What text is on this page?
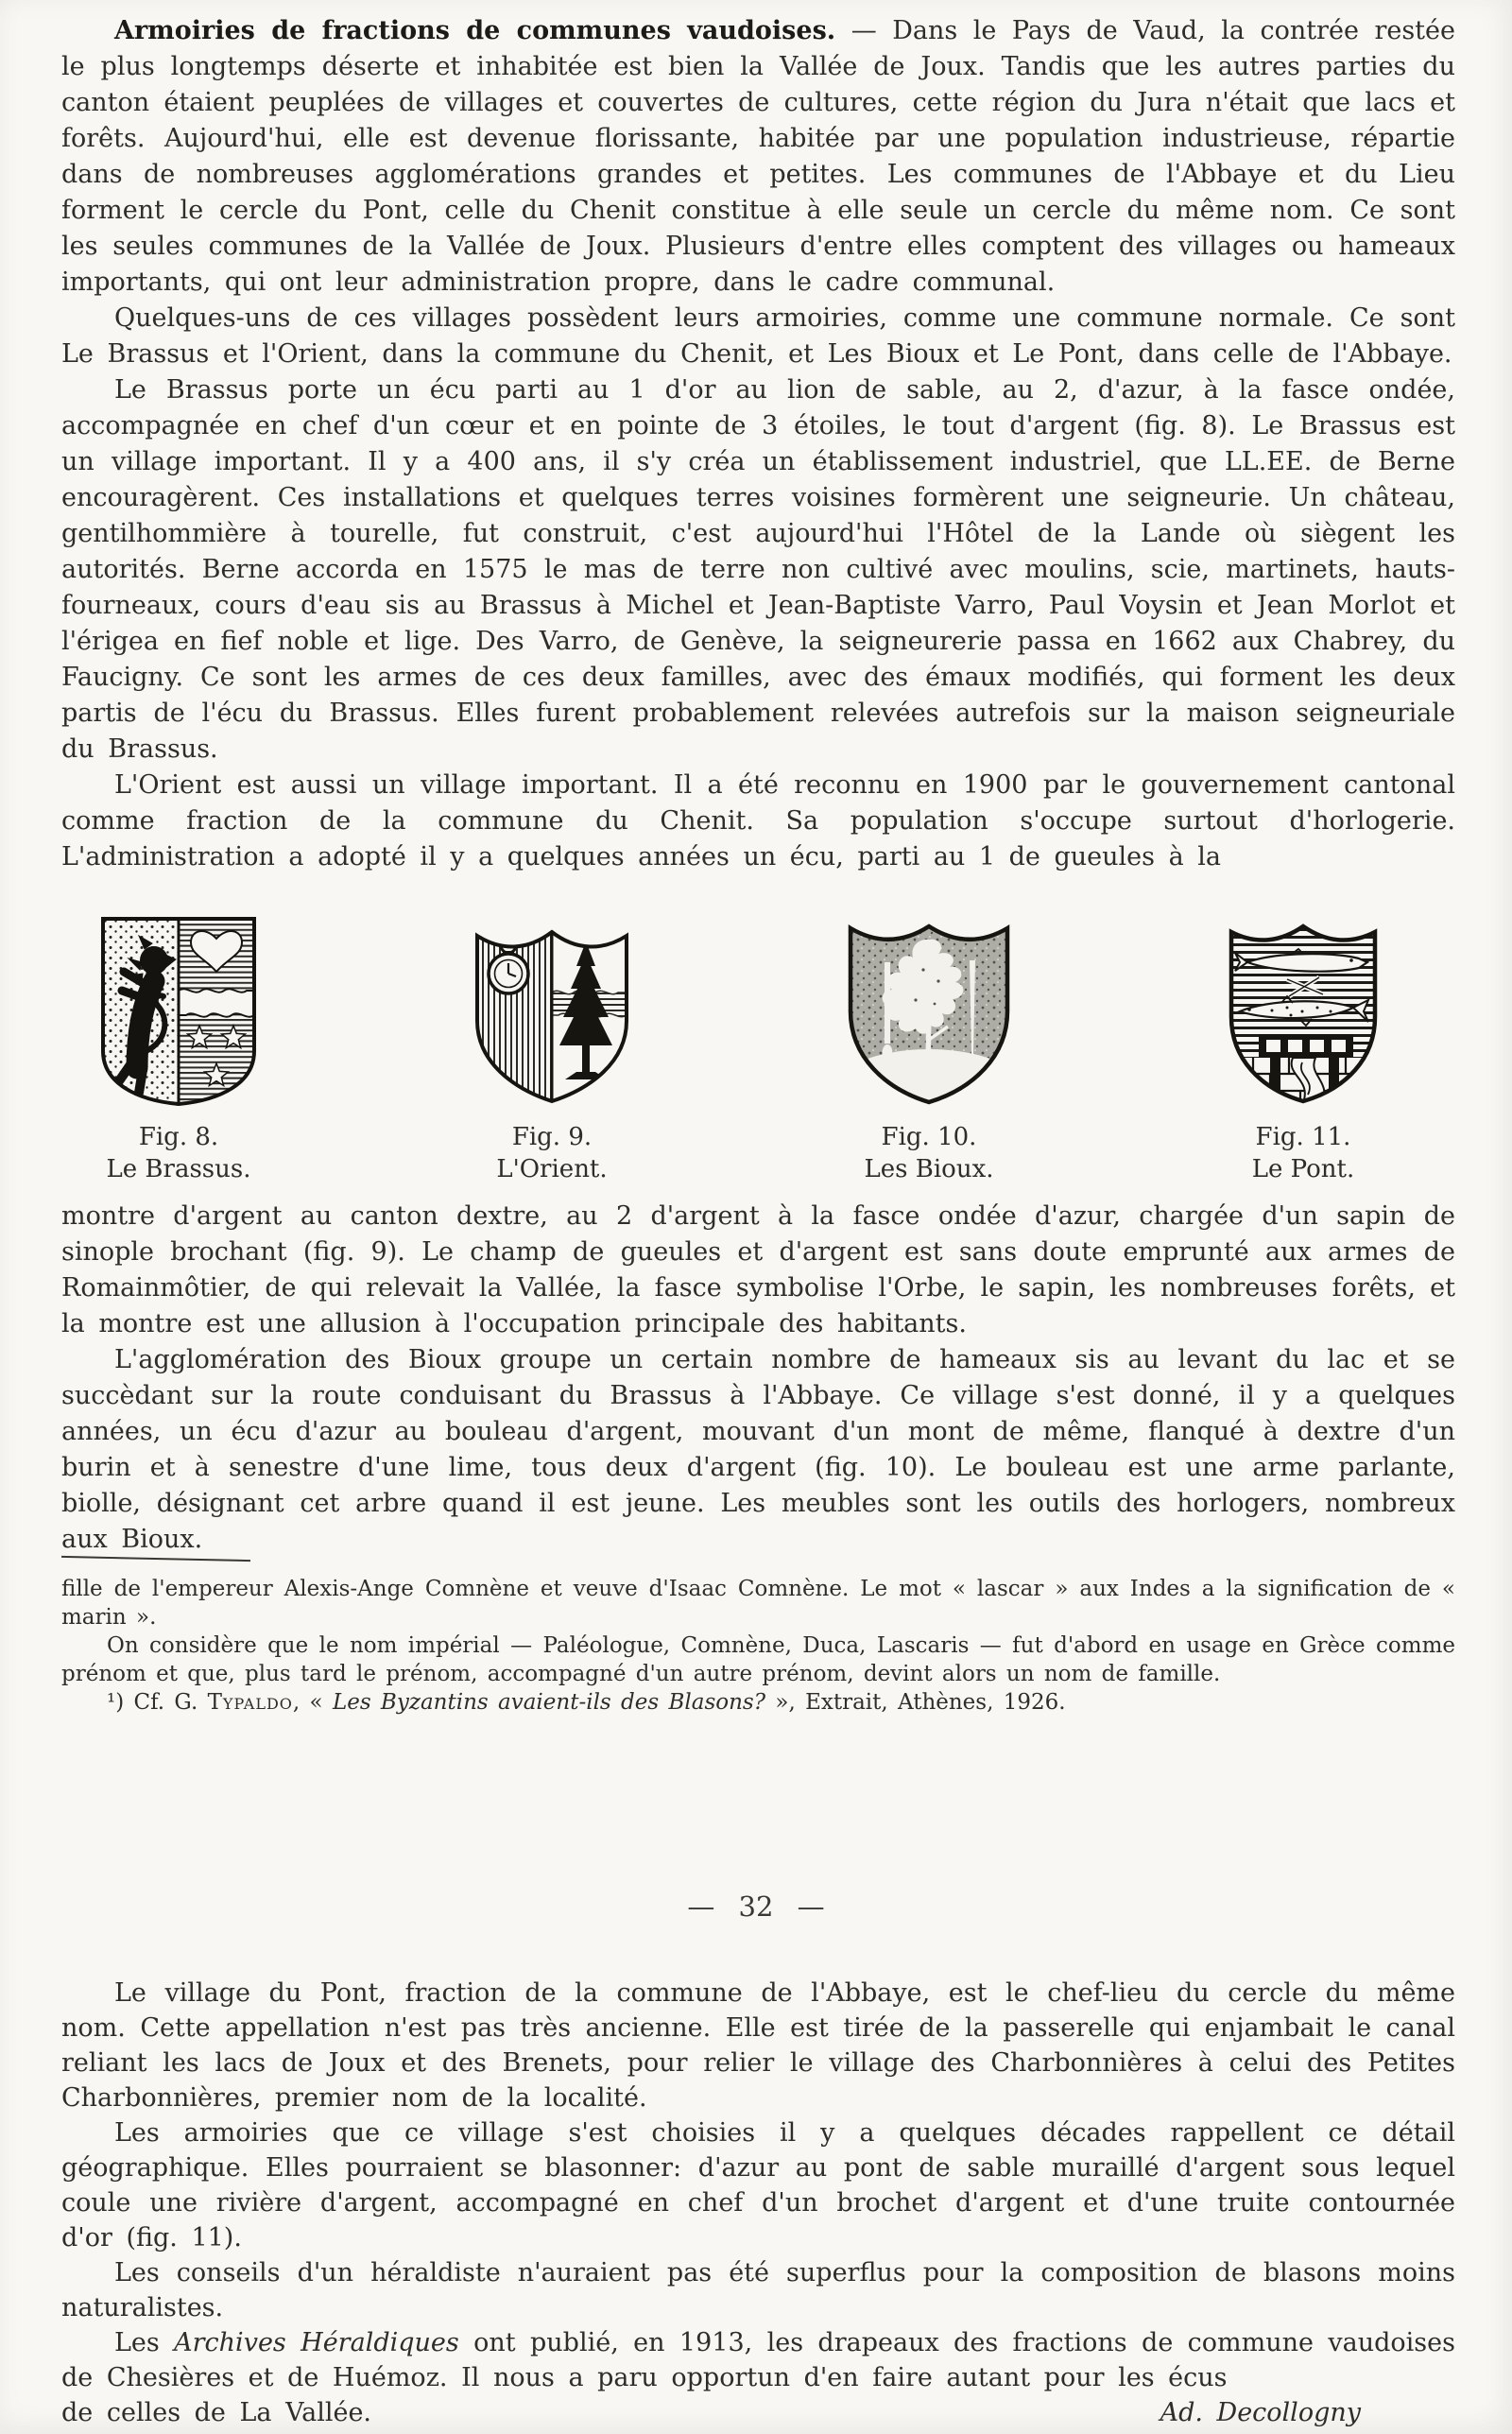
Armoiries de fractions de communes vaudoises. — Dans le Pays de Vaud, la contrée restée le plus longtemps déserte et inhabitée est bien la Vallée de Joux. Tandis que les autres parties du canton étaient peuplées de villages et couvertes de cultures, cette région du Jura n'était que lacs et forêts. Aujourd'hui, elle est devenue florissante, habitée par une population industrieuse, répartie dans de nombreuses agglomérations grandes et petites. Les communes de l'Abbaye et du Lieu forment le cercle du Pont, celle du Chenit constitue à elle seule un cercle du même nom. Ce sont les seules communes de la Vallée de Joux. Plusieurs d'entre elles comptent des villages ou hameaux importants, qui ont leur administration propre, dans le cadre communal.

Quelques-uns de ces villages possèdent leurs armoiries, comme une commune normale. Ce sont Le Brassus et l'Orient, dans la commune du Chenit, et Les Bioux et Le Pont, dans celle de l'Abbaye.

Le Brassus porte un écu parti au 1 d'or au lion de sable, au 2, d'azur, à la fasce ondée, accompagnée en chef d'un cœur et en pointe de 3 étoiles, le tout d'argent (fig. 8). Le Brassus est un village important. Il y a 400 ans, il s'y créa un établissement industriel, que LL.EE. de Berne encouragèrent. Ces installations et quelques terres voisines formèrent une seigneurie. Un château, gentilhommière à tourelle, fut construit, c'est aujourd'hui l'Hôtel de la Lande où siègent les autorités. Berne accorda en 1575 le mas de terre non cultivé avec moulins, scie, martinets, hauts-fourneaux, cours d'eau sis au Brassus à Michel et Jean-Baptiste Varro, Paul Voysin et Jean Morlot et l'érigea en fief noble et lige. Des Varro, de Genève, la seigneurerie passa en 1662 aux Chabrey, du Faucigny. Ce sont les armes de ces deux familles, avec des émaux modifiés, qui forment les deux partis de l'écu du Brassus. Elles furent probablement relevées autrefois sur la maison seigneuriale du Brassus.

L'Orient est aussi un village important. Il a été reconnu en 1900 par le gouvernement cantonal comme fraction de la commune du Chenit. Sa population s'occupe surtout d'horlogerie. L'administration a adopté il y a quelques années un écu, parti au 1 de gueules à la

Fig. 8.
Le Brassus.
Fig. 9.
L'Orient.
Fig. 10.
Les Bioux.
Fig. 11.
Le Pont.

montre d'argent au canton dextre, au 2 d'argent à la fasce ondée d'azur, chargée d'un sapin de sinople brochant (fig. 9). Le champ de gueules et d'argent est sans doute emprunté aux armes de Romainmôtier, de qui relevait la Vallée, la fasce symbolise l'Orbe, le sapin, les nombreuses forêts, et la montre est une allusion à l'occupation principale des habitants.

L'agglomération des Bioux groupe un certain nombre de hameaux sis au levant du lac et se succèdant sur la route conduisant du Brassus à l'Abbaye. Ce village s'est donné, il y a quelques années, un écu d'azur au bouleau d'argent, mouvant d'un mont de même, flanqué à dextre d'un burin et à senestre d'une lime, tous deux d'argent (fig. 10). Le bouleau est une arme parlante, biolle, désignant cet arbre quand il est jeune. Les meubles sont les outils des horlogers, nombreux aux Bioux.

fille de l'empereur Alexis-Ange Comnène et veuve d'Isaac Comnène. Le mot « lascar » aux Indes a la signification de « marin ».

On considère que le nom impérial — Paléologue, Comnène, Duca, Lascaris — fut d'abord en usage en Grèce comme prénom et que, plus tard le prénom, accompagné d'un autre prénom, devint alors un nom de famille.

¹) Cf. G. Typaldo, « Les Byzantins avaient-ils des Blasons? », Extrait, Athènes, 1926.

— 32 —

Le village du Pont, fraction de la commune de l'Abbaye, est le chef-lieu du cercle du même nom. Cette appellation n'est pas très ancienne. Elle est tirée de la passerelle qui enjambait le canal reliant les lacs de Joux et des Brenets, pour relier le village des Charbonnières à celui des Petites Charbonnières, premier nom de la localité.

Les armoiries que ce village s'est choisies il y a quelques décades rappellent ce détail géographique. Elles pourraient se blasonner: d'azur au pont de sable muraillé d'argent sous lequel coule une rivière d'argent, accompagné en chef d'un brochet d'argent et d'une truite contournée d'or (fig. 11).

Les conseils d'un héraldiste n'auraient pas été superflus pour la composition de blasons moins naturalistes.

Les Archives Héraldiques ont publié, en 1913, les drapeaux des fractions de commune vaudoises de Chesières et de Huémoz. Il nous a paru opportun d'en faire autant pour les écus

de celles de La Vallée.	Ad. Decollogny
